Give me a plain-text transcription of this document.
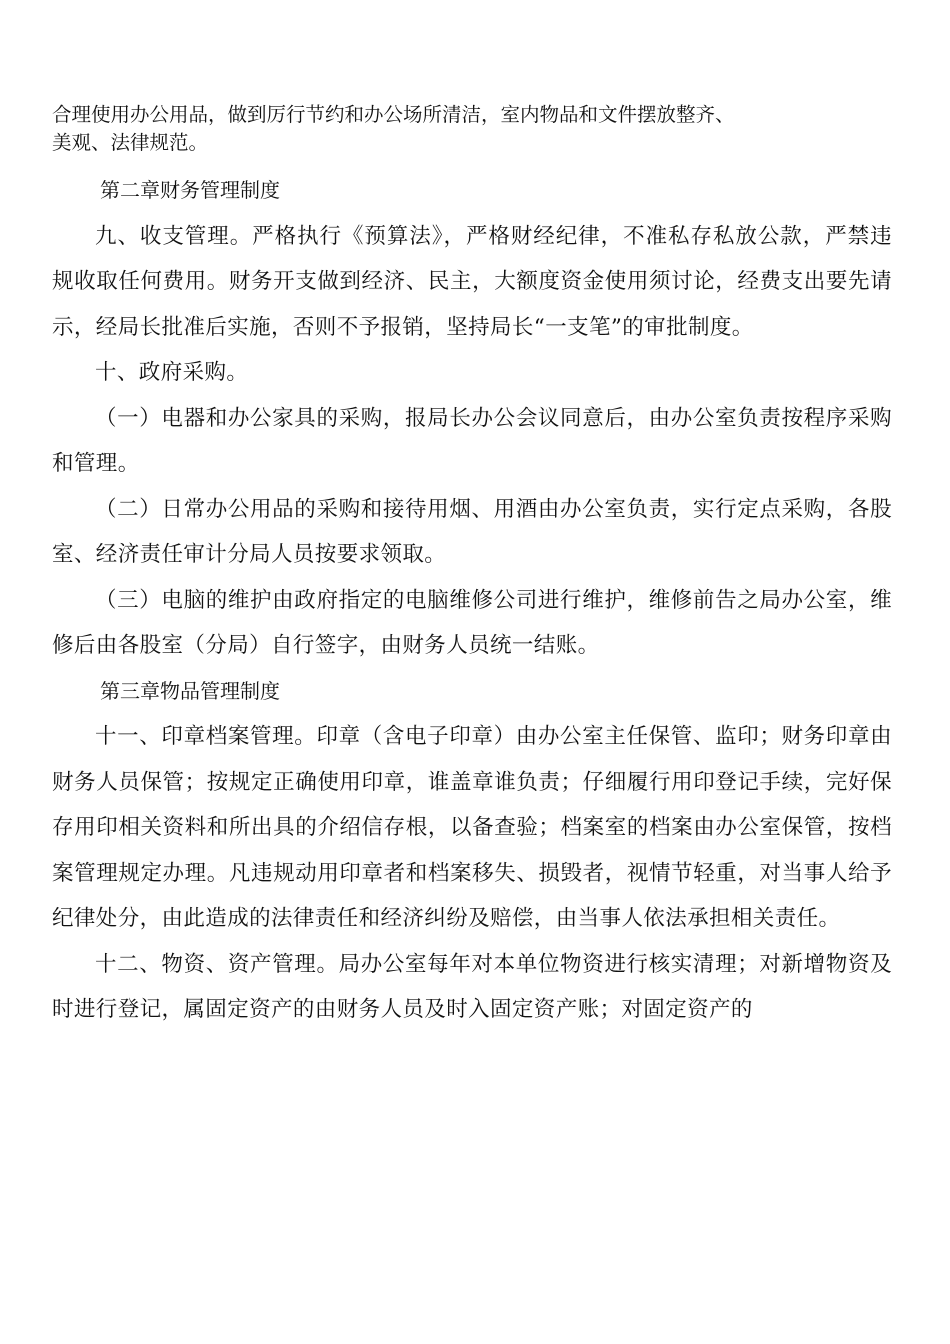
合理使用办公用品，做到厉行节约和办公场所清洁，室内物品和文件摆放整齐、
美观、法律规范。

第二章财务管理制度

九、收支管理。严格执行《预算法》，严格财经纪律，不准私存私放公款，严禁违规收取任何费用。财务开支做到经济、民主，大额度资金使用须讨论，经费支出要先请示，经局长批准后实施，否则不予报销，坚持局长“一支笔”的审批制度。

十、政府采购。

（一）电器和办公家具的采购，报局长办公会议同意后，由办公室负责按程序采购和管理。

（二）日常办公用品的采购和接待用烟、用酒由办公室负责，实行定点采购，各股室、经济责任审计分局人员按要求领取。

（三）电脑的维护由政府指定的电脑维修公司进行维护，维修前告之局办公室，维修后由各股室（分局）自行签字，由财务人员统一结账。

第三章物品管理制度

十一、印章档案管理。印章（含电子印章）由办公室主任保管、监印；财务印章由财务人员保管；按规定正确使用印章，谁盖章谁负责；仔细履行用印登记手续，完好保存用印相关资料和所出具的介绍信存根，以备查验；档案室的档案由办公室保管，按档案管理规定办理。凡违规动用印章者和档案移失、损毁者，视情节轻重，对当事人给予纪律处分，由此造成的法律责任和经济纠纷及赔偿，由当事人依法承担相关责任。

十二、物资、资产管理。局办公室每年对本单位物资进行核实清理；对新增物资及时进行登记，属固定资产的由财务人员及时入固定资产账；对固定资产的
